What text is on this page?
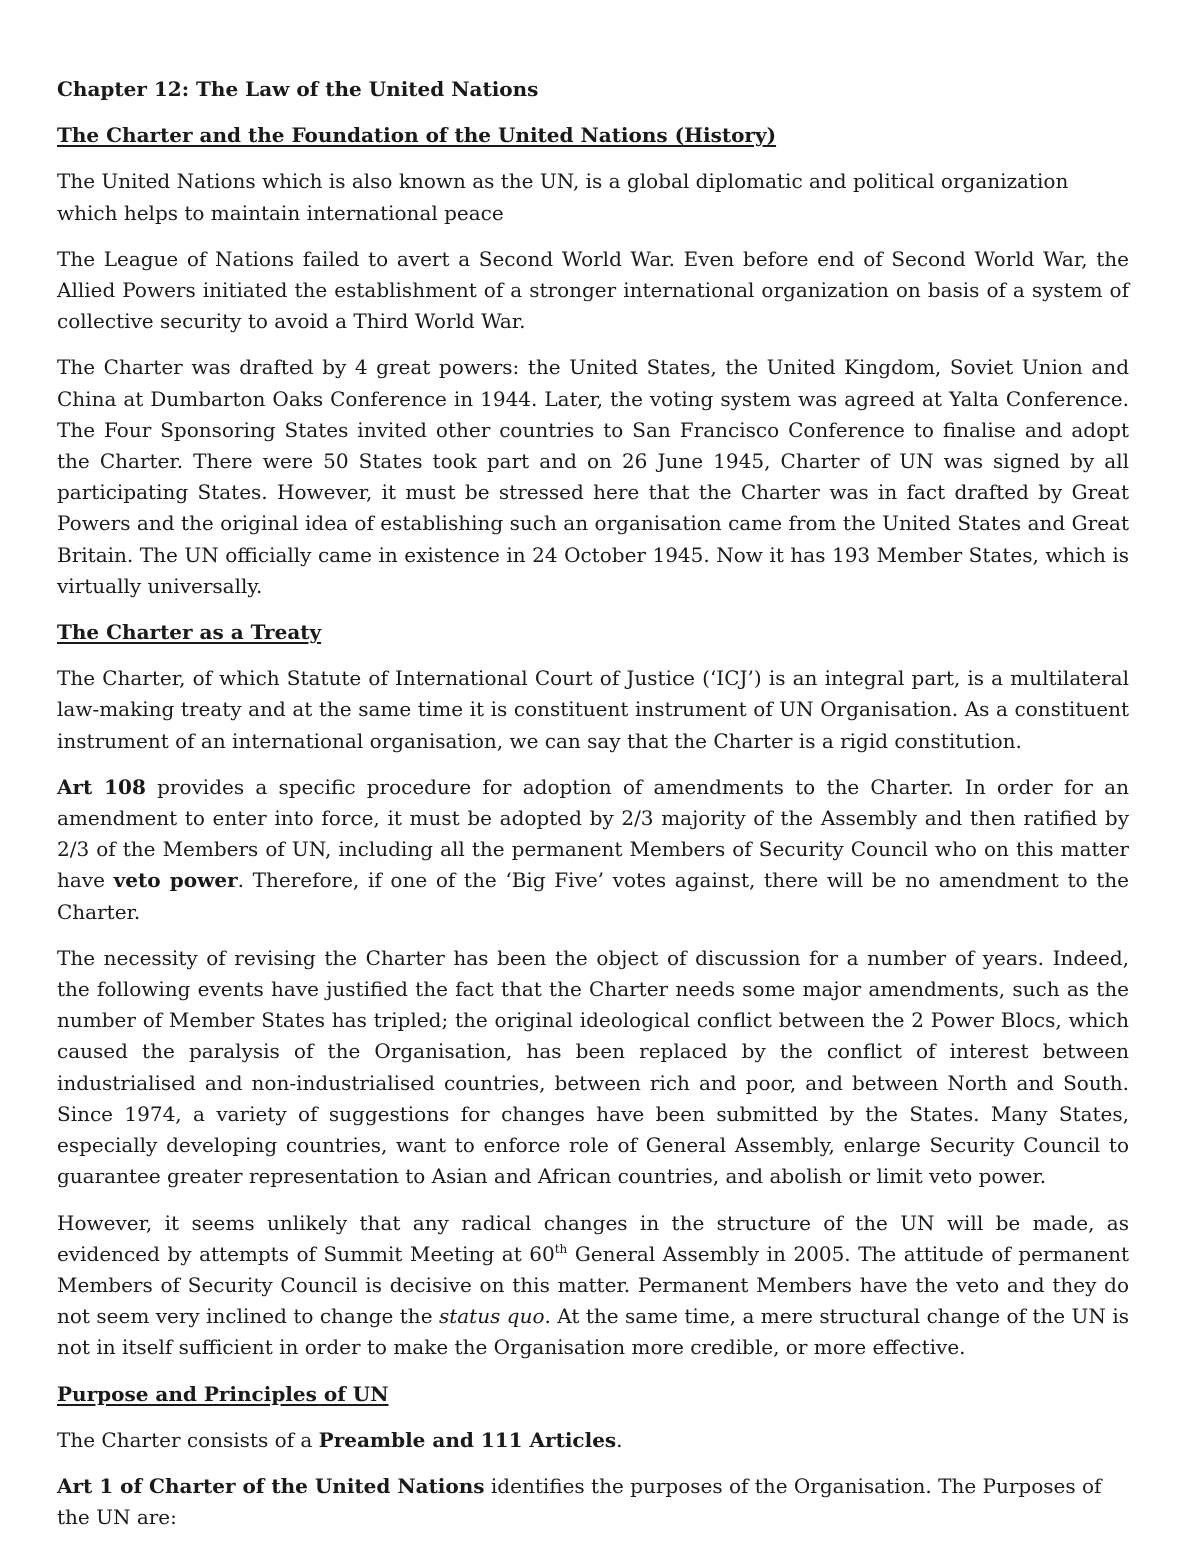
Chapter 12: The Law of the United Nations
The Charter and the Foundation of the United Nations (History)

The United Nations which is also known as the UN, is a global diplomatic and political organization which helps to maintain international peace

The League of Nations failed to avert a Second World War. Even before end of Second World War, the Allied Powers initiated the establishment of a stronger international organization on basis of a system of collective security to avoid a Third World War.

The Charter was drafted by 4 great powers: the United States, the United Kingdom, Soviet Union and China at Dumbarton Oaks Conference in 1944. Later, the voting system was agreed at Yalta Conference. The Four Sponsoring States invited other countries to San Francisco Conference to finalise and adopt the Charter. There were 50 States took part and on 26 June 1945, Charter of UN was signed by all participating States. However, it must be stressed here that the Charter was in fact drafted by Great Powers and the original idea of establishing such an organisation came from the United States and Great Britain. The UN officially came in existence in 24 October 1945. Now it has 193 Member States, which is virtually universally.

The Charter as a Treaty

The Charter, of which Statute of International Court of Justice (‘ICJ’) is an integral part, is a multilateral law-making treaty and at the same time it is constituent instrument of UN Organisation. As a constituent instrument of an international organisation, we can say that the Charter is a rigid constitution.

Art 108 provides a specific procedure for adoption of amendments to the Charter. In order for an amendment to enter into force, it must be adopted by 2/3 majority of the Assembly and then ratified by 2/3 of the Members of UN, including all the permanent Members of Security Council who on this matter have veto power. Therefore, if one of the ‘Big Five’ votes against, there will be no amendment to the Charter.

The necessity of revising the Charter has been the object of discussion for a number of years. Indeed, the following events have justified the fact that the Charter needs some major amendments, such as the number of Member States has tripled; the original ideological conflict between the 2 Power Blocs, which caused the paralysis of the Organisation, has been replaced by the conflict of interest between industrialised and non-industrialised countries, between rich and poor, and between North and South. Since 1974, a variety of suggestions for changes have been submitted by the States. Many States, especially developing countries, want to enforce role of General Assembly, enlarge Security Council to guarantee greater representation to Asian and African countries, and abolish or limit veto power.

However, it seems unlikely that any radical changes in the structure of the UN will be made, as evidenced by attempts of Summit Meeting at 60th General Assembly in 2005. The attitude of permanent Members of Security Council is decisive on this matter. Permanent Members have the veto and they do not seem very inclined to change the status quo. At the same time, a mere structural change of the UN is not in itself sufficient in order to make the Organisation more credible, or more effective.

Purpose and Principles of UN

The Charter consists of a Preamble and 111 Articles.

Art 1 of Charter of the United Nations identifies the purposes of the Organisation. The Purposes of the UN are:
